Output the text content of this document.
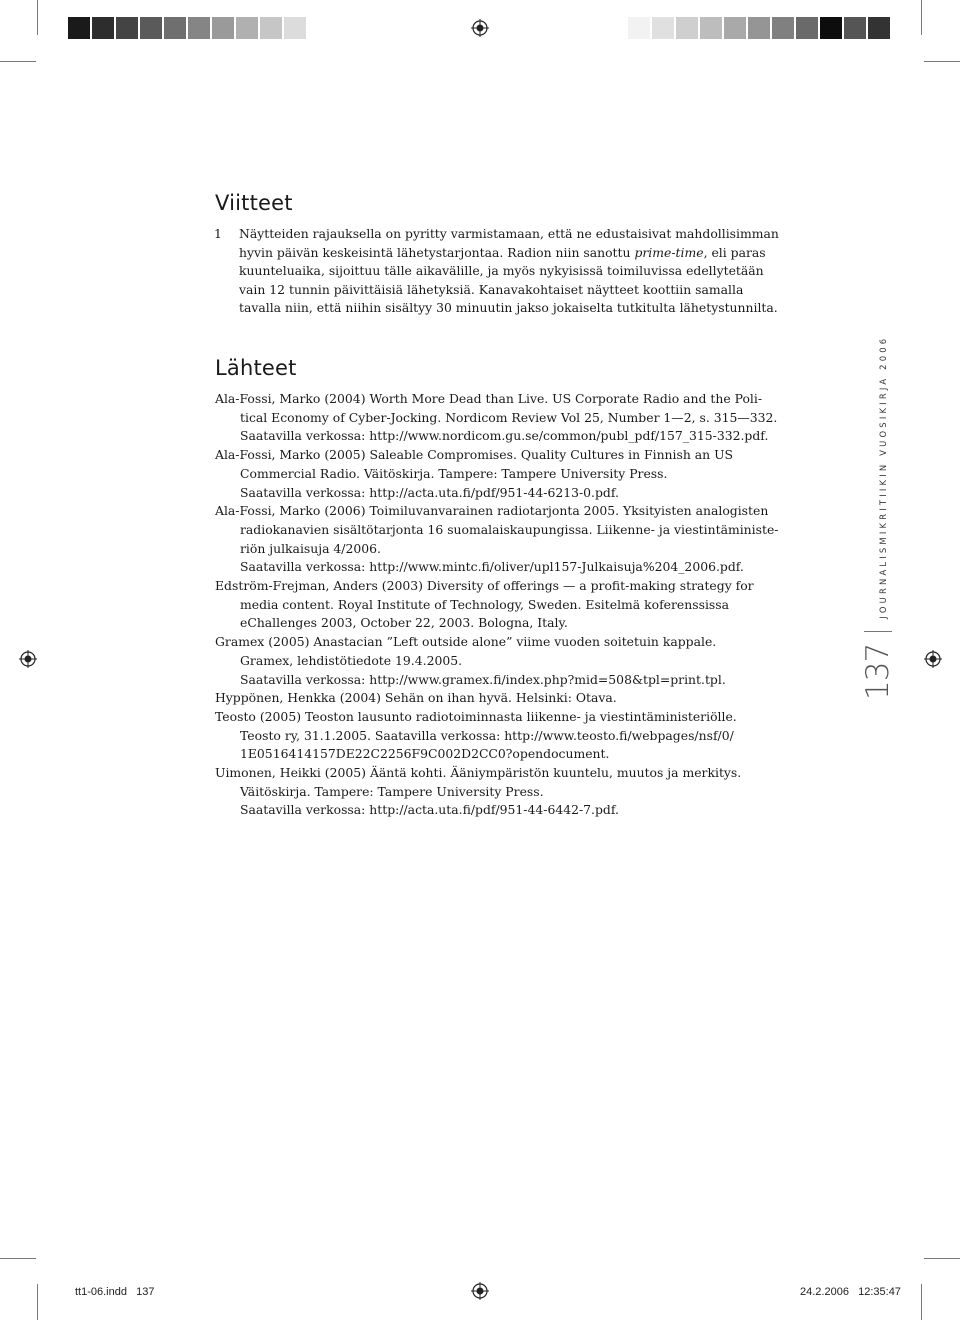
Viitteet
1	Näytteiden rajauksella on pyritty varmistamaan, että ne edustaisivat mahdollisimman
hyvin päivän keskeisintä lähetystarjontaa. Radion niin sanottu prime-time, eli paras
kuunteluaika, sijoittuu tälle aikavälille, ja myös nykyisissä toimiluvissa edellytetään
vain 12 tunnin päivittäisiä lähetyksiä. Kanavakohtaiset näytteet koottiin samalla
tavalla niin, että niihin sisältyy 30 minuutin jakso jokaiselta tutkitulta lähetystunnilta.
Lähteet
Ala-Fossi, Marko (2004) Worth More Dead than Live. US Corporate Radio and the Poli-
tical Economy of Cyber-Jocking. Nordicom Review Vol 25, Number 1—2, s. 315—332.
Saatavilla verkossa: http://www.nordicom.gu.se/common/publ_pdf/157_315-332.pdf.
Ala-Fossi, Marko (2005) Saleable Compromises. Quality Cultures in Finnish an US
Commercial Radio. Väitöskirja. Tampere: Tampere University Press.
Saatavilla verkossa: http://acta.uta.fi/pdf/951-44-6213-0.pdf.
Ala-Fossi, Marko (2006) Toimiluvanvarainen radiotarjonta 2005. Yksityisten analogisten
radiokanavien sisältötarjonta 16 suomalaiskaupungissa. Liikenne- ja viestintäministe-
riön julkaisuja 4/2006.
Saatavilla verkossa: http://www.mintc.fi/oliver/upl157-Julkaisuja%204_2006.pdf.
Edström-Frejman, Anders (2003) Diversity of offerings — a profit-making strategy for
media content. Royal Institute of Technology, Sweden. Esitelmä koferenssissa
eChallenges 2003, October 22, 2003. Bologna, Italy.
Gramex (2005) Anastacian ”Left outside alone” viime vuoden soitetuin kappale.
Gramex, lehdistötiedote 19.4.2005.
Saatavilla verkossa: http://www.gramex.fi/index.php?mid=508&tpl=print.tpl.
Hyppönen, Henkka (2004) Sehän on ihan hyvä. Helsinki: Otava.
Teosto (2005) Teoston lausunto radiotoiminnasta liikenne- ja viestintäministeriölle.
Teosto ry, 31.1.2005. Saatavilla verkossa: http://www.teosto.fi/webpages/nsf/0/
1E0516414157DE22C2256F9C002D2CC0?opendocument.
Uimonen, Heikki (2005) Ääntä kohti. Ääniympäristön kuuntelu, muutos ja merkitys.
Väitöskirja. Tampere: Tampere University Press.
Saatavilla verkossa: http://acta.uta.fi/pdf/951-44-6442-7.pdf.
137
JOURNALISMIKRITIIKIN VUOSIKIRJA 2006
tt1-06.indd   137	24.2.2006   12:35:47
